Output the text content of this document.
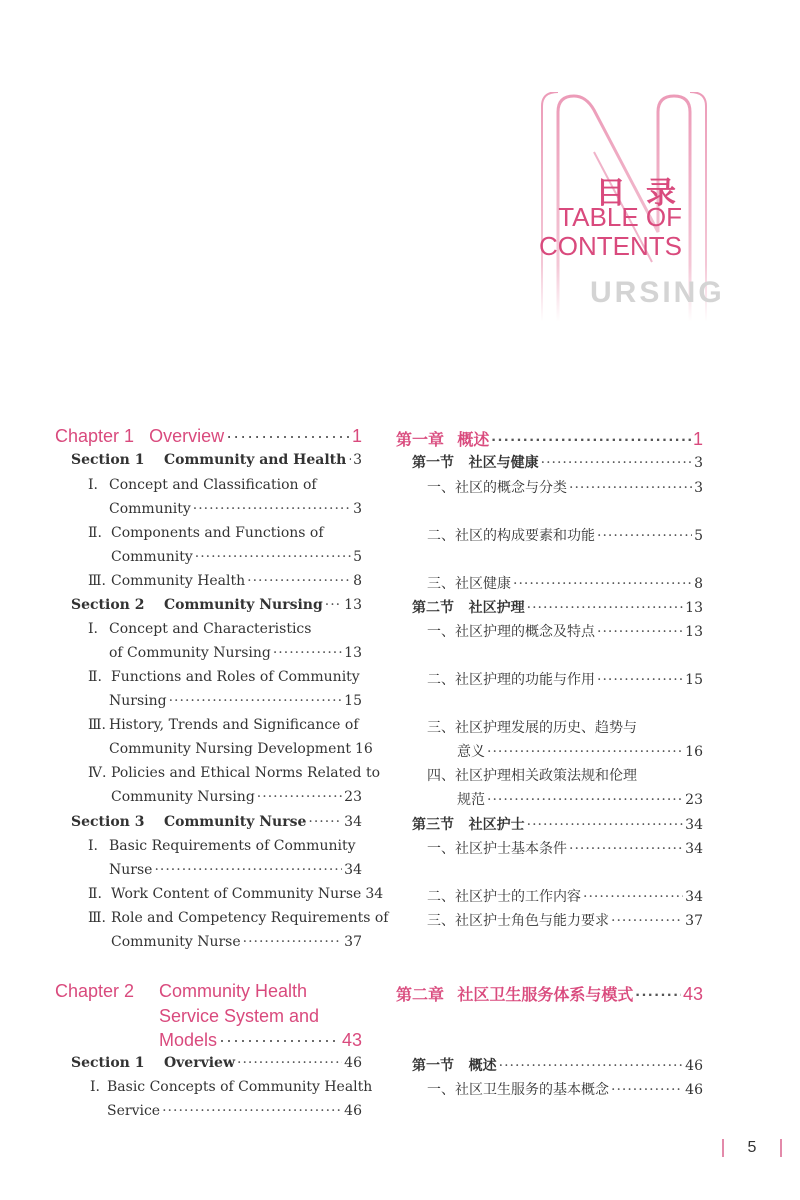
目 录
TABLE OF
CONTENTS
URSING
Chapter 1 Overview ·····	1
Section 1 Community and Health ····· 3
Ⅰ. Concept and Classification of
Community ·····	3
Ⅱ. Components and Functions of
Community ·····	5
Ⅲ. Community Health ·····	8
Section 2 Community Nursing ····· 13
Ⅰ. Concept and Characteristics
of Community Nursing ·····	13
Ⅱ. Functions and Roles of Community
Nursing ·····	15
Ⅲ. History, Trends and Significance of
Community Nursing Development 16
Ⅳ. Policies and Ethical Norms Related to
Community Nursing ·····	23
Section 3 Community Nurse ·····	34
Ⅰ. Basic Requirements of Community
Nurse ·····	34
Ⅱ. Work Content of Community Nurse 34
Ⅲ. Role and Competency Requirements of
Community Nurse ·····	37
Chapter 2 Community Health
Service System and
Models ·····	43
Section 1 Overview ·····	46
I. Basic Concepts of Community Health
Service ·····	46
第一章 概述 ·····	1
第一节 社区与健康 ·····	3
一、社区的概念与分类 ·····	3
二、社区的构成要素和功能 ·····	5
三、社区健康 ·····	8
第二节 社区护理 ·····	13
一、社区护理的概念及特点 ·····	13
二、社区护理的功能与作用 ·····	15
三、社区护理发展的历史、趋势与
意义 ·····	16
四、社区护理相关政策法规和伦理
规范 ·····	23
第三节 社区护士 ·····	34
一、社区护士基本条件 ·····	34
二、社区护士的工作内容 ·····	34
三、社区护士角色与能力要求 ·····	37
第二章 社区卫生服务体系与模式 ·····	43
第一节 概述 ·····	46
一、社区卫生服务的基本概念 ·····	46
5
